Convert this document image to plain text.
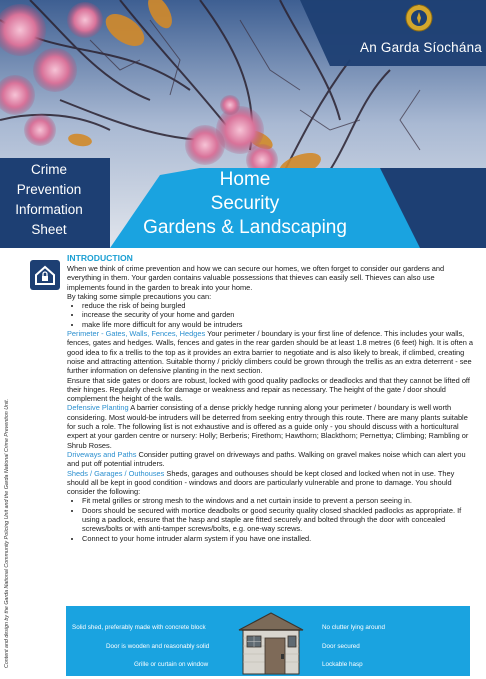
An Garda Síochána
Crime
Prevention
Information
Sheet
Home
Security
Gardens & Landscaping
Content and design by the Garda National Community Policing Unit and the Garda National Crime Prevention Unit.

INTRODUCTION

When we think of crime prevention and how we can secure our homes, we often forget to consider our gardens and everything in them. Your garden contains valuable possessions that thieves can easily sell. Thieves can also use implements found in the garden to break into your home.

By taking some simple precautions you can:

• reduce the risk of being burgled
• increase the security of your home and garden
• make life more difficult for any would be intruders

Perimeter - Gates, Walls, Fences, Hedges Your perimeter / boundary is your first line of defence. This includes your walls, fences, gates and hedges. Walls, fences and gates in the rear garden should be at least 1.8 metres (6 feet) high. It is often a good idea to fix a trellis to the top as it provides an extra barrier to negotiate and is also likely to break, if climbed, creating noise and attracting attention. Suitable thorny / prickly climbers could be grown through the trellis as an extra deterrent - see further information on defensive planting in the next section.

Ensure that side gates or doors are robust, locked with good quality padlocks or deadlocks and that they cannot be lifted off their hinges. Regularly check for damage or weakness and repair as necessary. The height of the gate / door should complement the height of the walls.

Defensive Planting A barrier consisting of a dense prickly hedge running along your perimeter / boundary is well worth considering. Most would-be intruders will be deterred from seeking entry through this route. There are many plants suitable for such a role. The following list is not exhaustive and is offered as a guide only - you should discuss with a horticultural expert at your garden centre or nursery: Holly; Berberis; Firethorn; Hawthorn; Blackthorn; Pernettya; Climbing; Rambling or Shrub Roses.

Driveways and Paths Consider putting gravel on driveways and paths. Walking on gravel makes noise which can alert you and put off potential intruders.

Sheds / Garages / Outhouses Sheds, garages and outhouses should be kept closed and locked when not in use. They should all be kept in good condition - windows and doors are particularly vulnerable and prone to damage. You should consider the following:

• Fit metal grilles or strong mesh to the windows and a net curtain inside to prevent a person seeing in.
• Doors should be secured with mortice deadbolts or good security quality closed shackled padlocks as appropriate. If using a padlock, ensure that the hasp and staple are fitted securely and bolted through the door with concealed screws/bolts or with anti-tamper screws/bolts, e.g. one-way screws.
• Connect to your home intruder alarm system if you have one installed.
Solid shed, preferably made with concrete block
Door is wooden and reasonably solid
Grille or curtain on window
No clutter lying around
Door secured
Lockable hasp
